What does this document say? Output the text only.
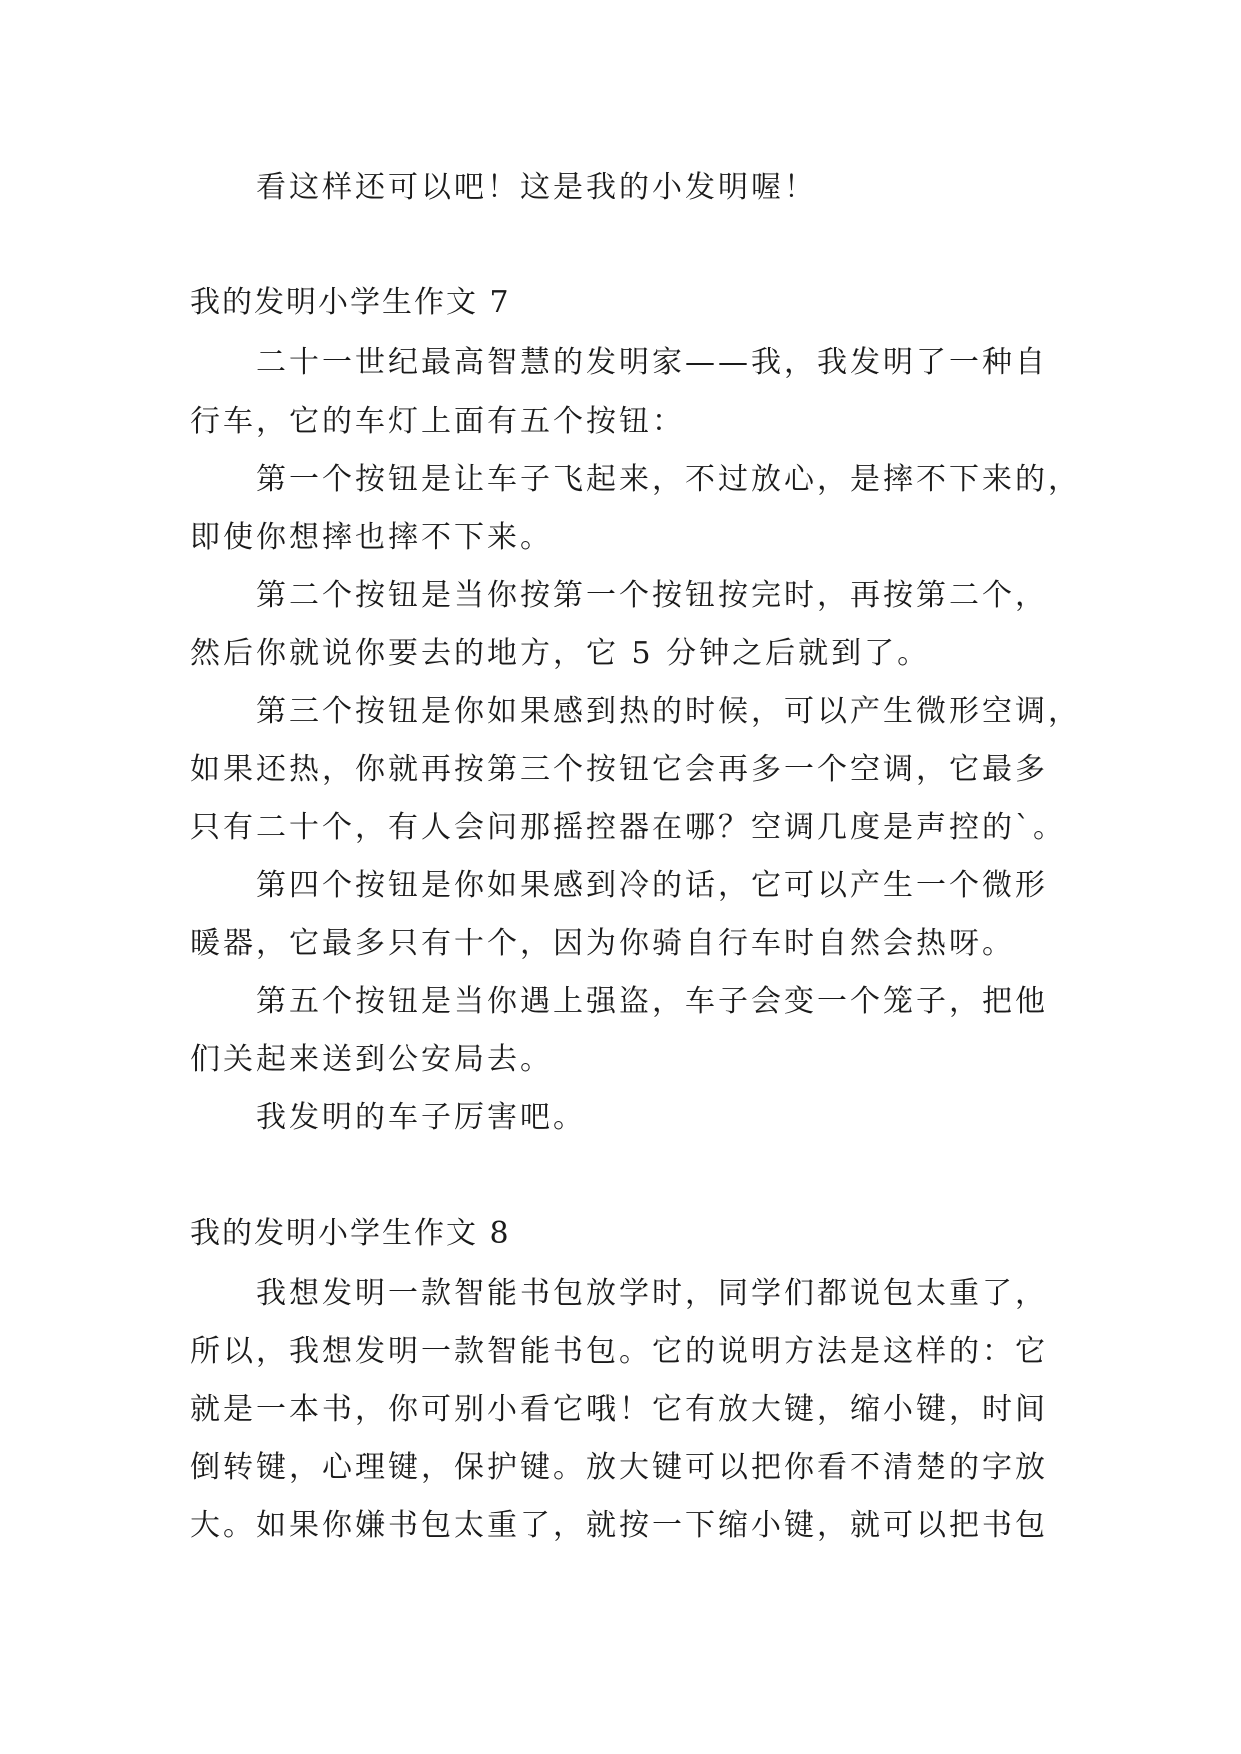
看这样还可以吧！这是我的小发明喔！
我的发明小学生作文 7
二十一世纪最高智慧的发明家——我，我发明了一种自
行车，它的车灯上面有五个按钮：
第一个按钮是让车子飞起来，不过放心，是摔不下来的，
即使你想摔也摔不下来。
第二个按钮是当你按第一个按钮按完时，再按第二个，
然后你就说你要去的地方，它 5 分钟之后就到了。
第三个按钮是你如果感到热的时候，可以产生微形空调，
如果还热，你就再按第三个按钮它会再多一个空调，它最多
只有二十个，有人会问那摇控器在哪？空调几度是声控的`。
第四个按钮是你如果感到冷的话，它可以产生一个微形
暖器，它最多只有十个，因为你骑自行车时自然会热呀。
第五个按钮是当你遇上强盗，车子会变一个笼子，把他
们关起来送到公安局去。
我发明的车子厉害吧。
我的发明小学生作文 8
我想发明一款智能书包放学时，同学们都说包太重了，
所以，我想发明一款智能书包。它的说明方法是这样的：它
就是一本书，你可别小看它哦！它有放大键，缩小键，时间
倒转键，心理键，保护键。放大键可以把你看不清楚的字放
大。如果你嫌书包太重了，就按一下缩小键，就可以把书包
